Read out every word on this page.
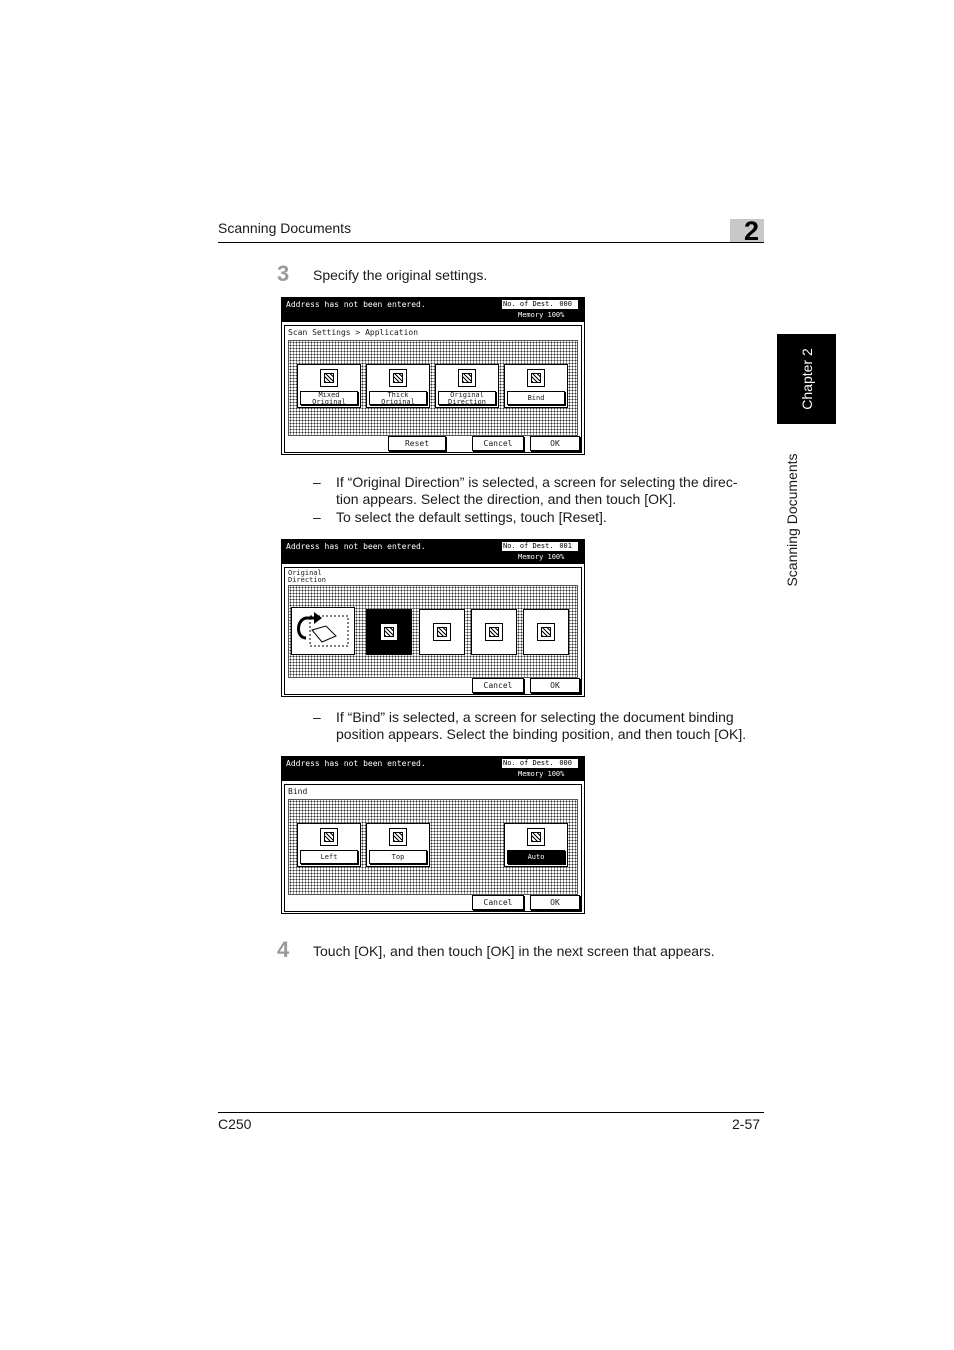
Scanning Documents	2
Chapter 2
Scanning Documents
3 Specify the original settings.
Address has not been entered.	No. of Dest. 000
Memory 100%
Scan Settings > Application
Mixed
Original
Thick
Original
Original
Direction	Bind
Reset	Cancel	OK
– If “Original Direction” is selected, a screen for selecting the direc-
tion appears. Select the direction, and then touch [OK].
– To select the default settings, touch [Reset].
Address has not been entered.	No. of Dest. 001
Memory 100%
Original
Direction
Cancel	OK
– If “Bind” is selected, a screen for selecting the document binding
position appears. Select the binding position, and then touch [OK].
Address has not been entered.	No. of Dest. 000
Memory 100%
Bind
Left	Top	Auto
Cancel	OK
4 Touch [OK], and then touch [OK] in the next screen that appears.
C250	2-57
